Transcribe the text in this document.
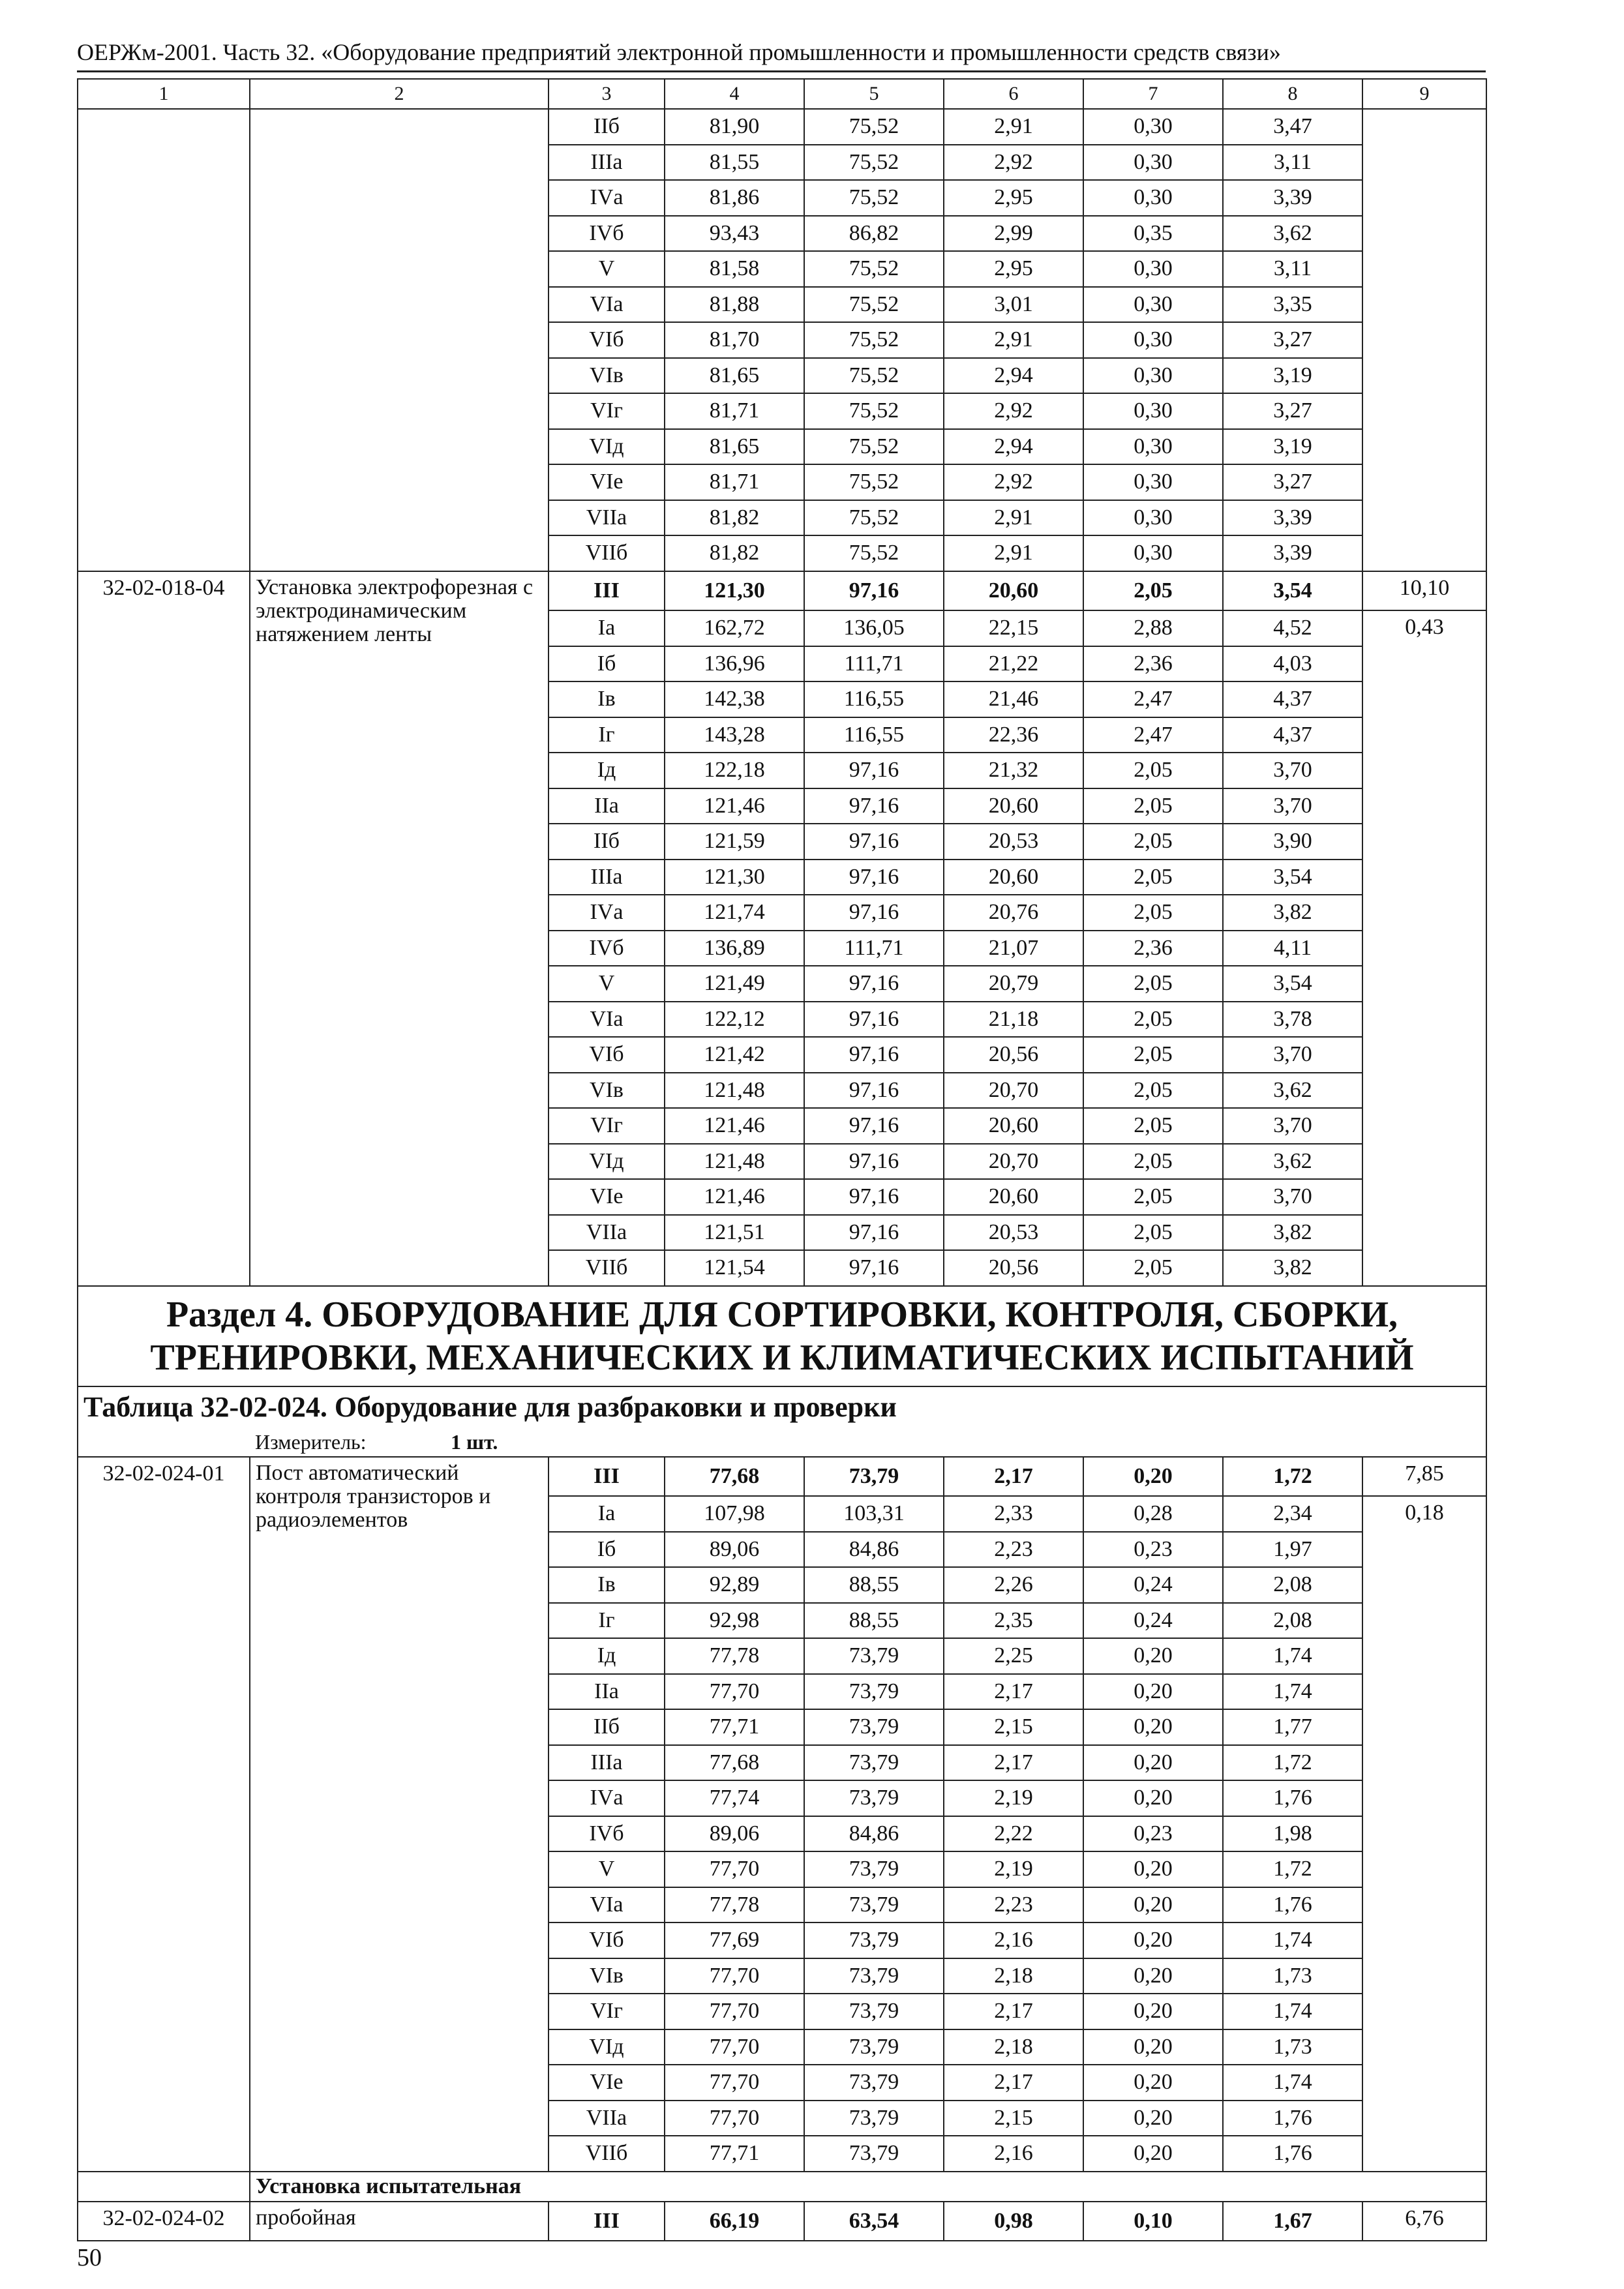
ОЕРЖм-2001. Часть 32. «Оборудование предприятий электронной промышленности и промышленности средств связи»
1	2	3	4	5	6	7	8	9
		IIб	81,90	75,52	2,91	0,30	3,47	
		IIIа	81,55	75,52	2,92	0,30	3,11	
		IVа	81,86	75,52	2,95	0,30	3,39	
		IVб	93,43	86,82	2,99	0,35	3,62	
		V	81,58	75,52	2,95	0,30	3,11	
		VIа	81,88	75,52	3,01	0,30	3,35	
		VIб	81,70	75,52	2,91	0,30	3,27	
		VIв	81,65	75,52	2,94	0,30	3,19	
		VIг	81,71	75,52	2,92	0,30	3,27	
		VIд	81,65	75,52	2,94	0,30	3,19	
		VIе	81,71	75,52	2,92	0,30	3,27	
		VIIа	81,82	75,52	2,91	0,30	3,39	
		VIIб	81,82	75,52	2,91	0,30	3,39	
32-02-018-04	Установка электрофорезная с электродинамическим натяжением ленты	III	121,30	97,16	20,60	2,05	3,54	10,10
		Iа	162,72	136,05	22,15	2,88	4,52	0,43
		Iб	136,96	111,71	21,22	2,36	4,03	
		Iв	142,38	116,55	21,46	2,47	4,37	
		Iг	143,28	116,55	22,36	2,47	4,37	
		Iд	122,18	97,16	21,32	2,05	3,70	
		IIа	121,46	97,16	20,60	2,05	3,70	
		IIб	121,59	97,16	20,53	2,05	3,90	
		IIIа	121,30	97,16	20,60	2,05	3,54	
		IVа	121,74	97,16	20,76	2,05	3,82	
		IVб	136,89	111,71	21,07	2,36	4,11	
		V	121,49	97,16	20,79	2,05	3,54	
		VIа	122,12	97,16	21,18	2,05	3,78	
		VIб	121,42	97,16	20,56	2,05	3,70	
		VIв	121,48	97,16	20,70	2,05	3,62	
		VIг	121,46	97,16	20,60	2,05	3,70	
		VIд	121,48	97,16	20,70	2,05	3,62	
		VIе	121,46	97,16	20,60	2,05	3,70	
		VIIа	121,51	97,16	20,53	2,05	3,82	
		VIIб	121,54	97,16	20,56	2,05	3,82	
Раздел 4. ОБОРУДОВАНИЕ ДЛЯ СОРТИРОВКИ, КОНТРОЛЯ, СБОРКИ, ТРЕНИРОВКИ, МЕХАНИЧЕСКИХ И КЛИМАТИЧЕСКИХ ИСПЫТАНИЙ								
Таблица 32-02-024. Оборудование для разбраковки и проверки								
	Измеритель: 1 шт.							
32-02-024-01	Пост автоматический контроля транзисторов и радиоэлементов	III	77,68	73,79	2,17	0,20	1,72	7,85
		Iа	107,98	103,31	2,33	0,28	2,34	0,18
		Iб	89,06	84,86	2,23	0,23	1,97	
		Iв	92,89	88,55	2,26	0,24	2,08	
		Iг	92,98	88,55	2,35	0,24	2,08	
		Iд	77,78	73,79	2,25	0,20	1,74	
		IIа	77,70	73,79	2,17	0,20	1,74	
		IIб	77,71	73,79	2,15	0,20	1,77	
		IIIа	77,68	73,79	2,17	0,20	1,72	
		IVа	77,74	73,79	2,19	0,20	1,76	
		IVб	89,06	84,86	2,22	0,23	1,98	
		V	77,70	73,79	2,19	0,20	1,72	
		VIа	77,78	73,79	2,23	0,20	1,76	
		VIб	77,69	73,79	2,16	0,20	1,74	
		VIв	77,70	73,79	2,18	0,20	1,73	
		VIг	77,70	73,79	2,17	0,20	1,74	
		VIд	77,70	73,79	2,18	0,20	1,73	
		VIе	77,70	73,79	2,17	0,20	1,74	
		VIIа	77,70	73,79	2,15	0,20	1,76	
		VIIб	77,71	73,79	2,16	0,20	1,76	
	Установка испытательная							
32-02-024-02	пробойная	III	66,19	63,54	0,98	0,10	1,67	6,76
50
